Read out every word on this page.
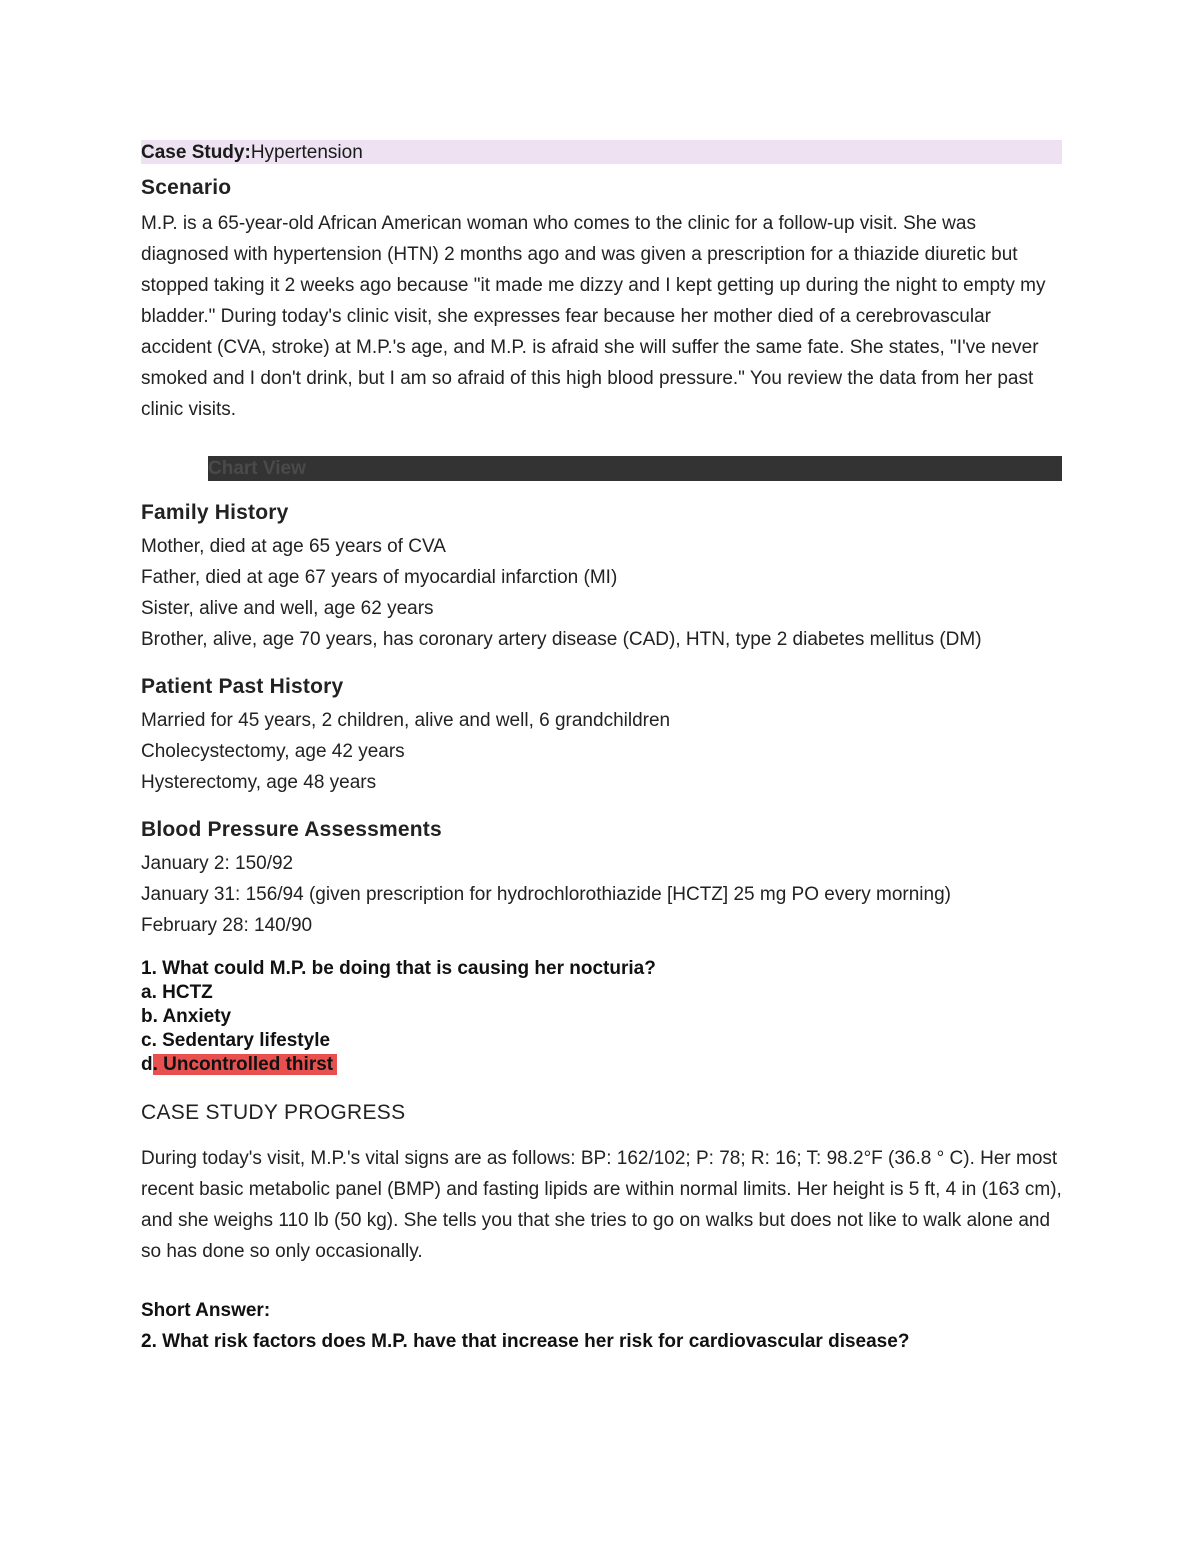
Case Study:Hypertension
Scenario

M.P. is a 65-year-old African American woman who comes to the clinic for a follow-up visit. She was diagnosed with hypertension (HTN) 2 months ago and was given a prescription for a thiazide diuretic but stopped taking it 2 weeks ago because "it made me dizzy and I kept getting up during the night to empty my bladder." During today's clinic visit, she expresses fear because her mother died of a cerebrovascular accident (CVA, stroke) at M.P.'s age, and M.P. is afraid she will suffer the same fate. She states, "I've never smoked and I don't drink, but I am so afraid of this high blood pressure." You review the data from her past clinic visits.

Chart View
Family History
Mother, died at age 65 years of CVA
Father, died at age 67 years of myocardial infarction (MI)
Sister, alive and well, age 62 years
Brother, alive, age 70 years, has coronary artery disease (CAD), HTN, type 2 diabetes mellitus (DM)
Patient Past History
Married for 45 years, 2 children, alive and well, 6 grandchildren
Cholecystectomy, age 42 years
Hysterectomy, age 48 years
Blood Pressure Assessments
January 2: 150/92
January 31: 156/94 (given prescription for hydrochlorothiazide [HCTZ] 25 mg PO every morning)
February 28: 140/90
1. What could M.P. be doing that is causing her nocturia?
a. HCTZ
b. Anxiety
c. Sedentary lifestyle
d. Uncontrolled thirst
CASE STUDY PROGRESS

During today's visit, M.P.'s vital signs are as follows: BP: 162/102; P: 78; R: 16; T: 98.2°F (36.8 ° C). Her most recent basic metabolic panel (BMP) and fasting lipids are within normal limits. Her height is 5 ft, 4 in (163 cm), and she weighs 110 lb (50 kg). She tells you that she tries to go on walks but does not like to walk alone and so has done so only occasionally.

Short Answer:
2. What risk factors does M.P. have that increase her risk for cardiovascular disease?
